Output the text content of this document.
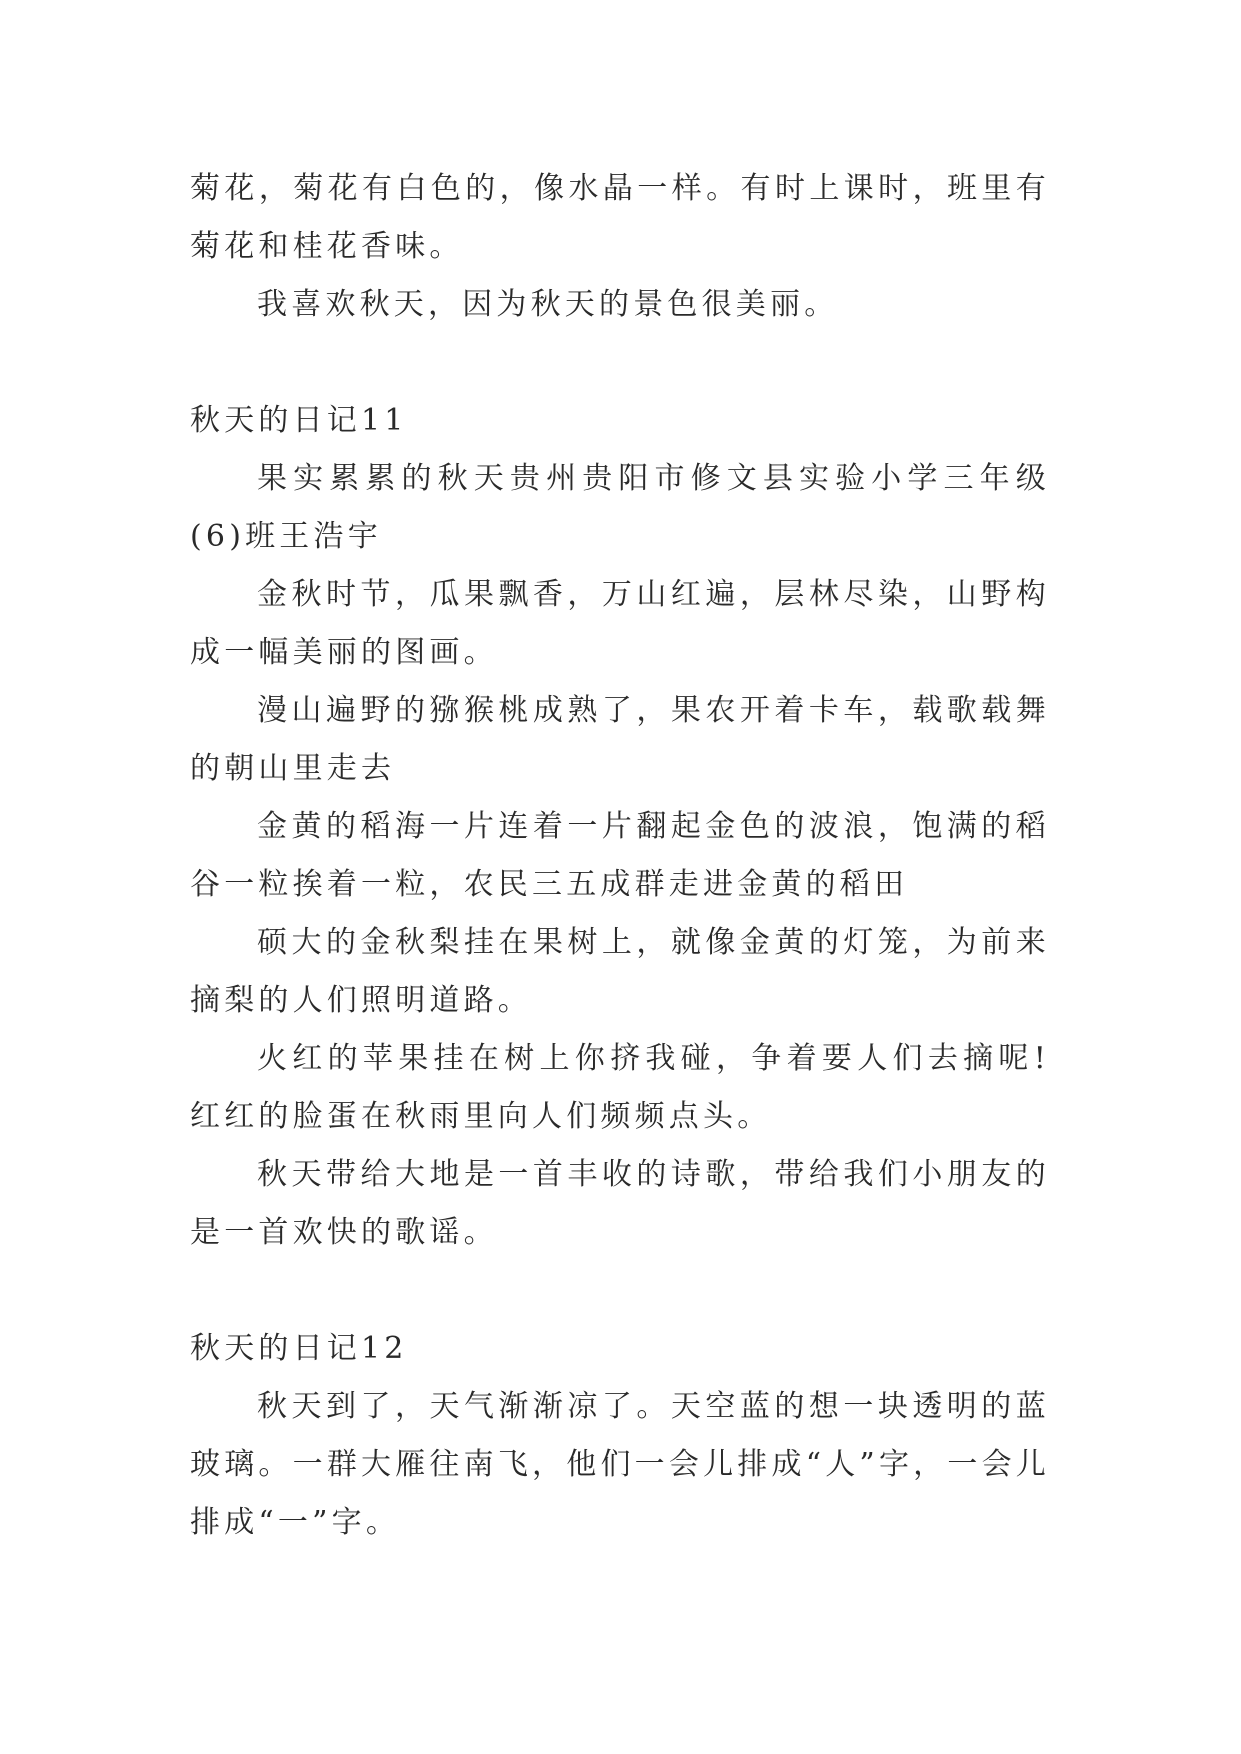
菊花，菊花有白色的，像水晶一样。有时上课时，班里有菊花和桂花香味。

我喜欢秋天，因为秋天的景色很美丽。

秋天的日记11

果实累累的秋天贵州贵阳市修文县实验小学三年级(6)班王浩宇

金秋时节，瓜果飘香，万山红遍，层林尽染，山野构成一幅美丽的图画。

漫山遍野的猕猴桃成熟了，果农开着卡车，载歌载舞的朝山里走去

金黄的稻海一片连着一片翻起金色的波浪，饱满的稻谷一粒挨着一粒，农民三五成群走进金黄的稻田

硕大的金秋梨挂在果树上，就像金黄的灯笼，为前来摘梨的人们照明道路。

火红的苹果挂在树上你挤我碰，争着要人们去摘呢!红红的脸蛋在秋雨里向人们频频点头。

秋天带给大地是一首丰收的诗歌，带给我们小朋友的是一首欢快的歌谣。

秋天的日记12

秋天到了，天气渐渐凉了。天空蓝的想一块透明的蓝玻璃。一群大雁往南飞，他们一会儿排成“人”字，一会儿排成“一”字。
